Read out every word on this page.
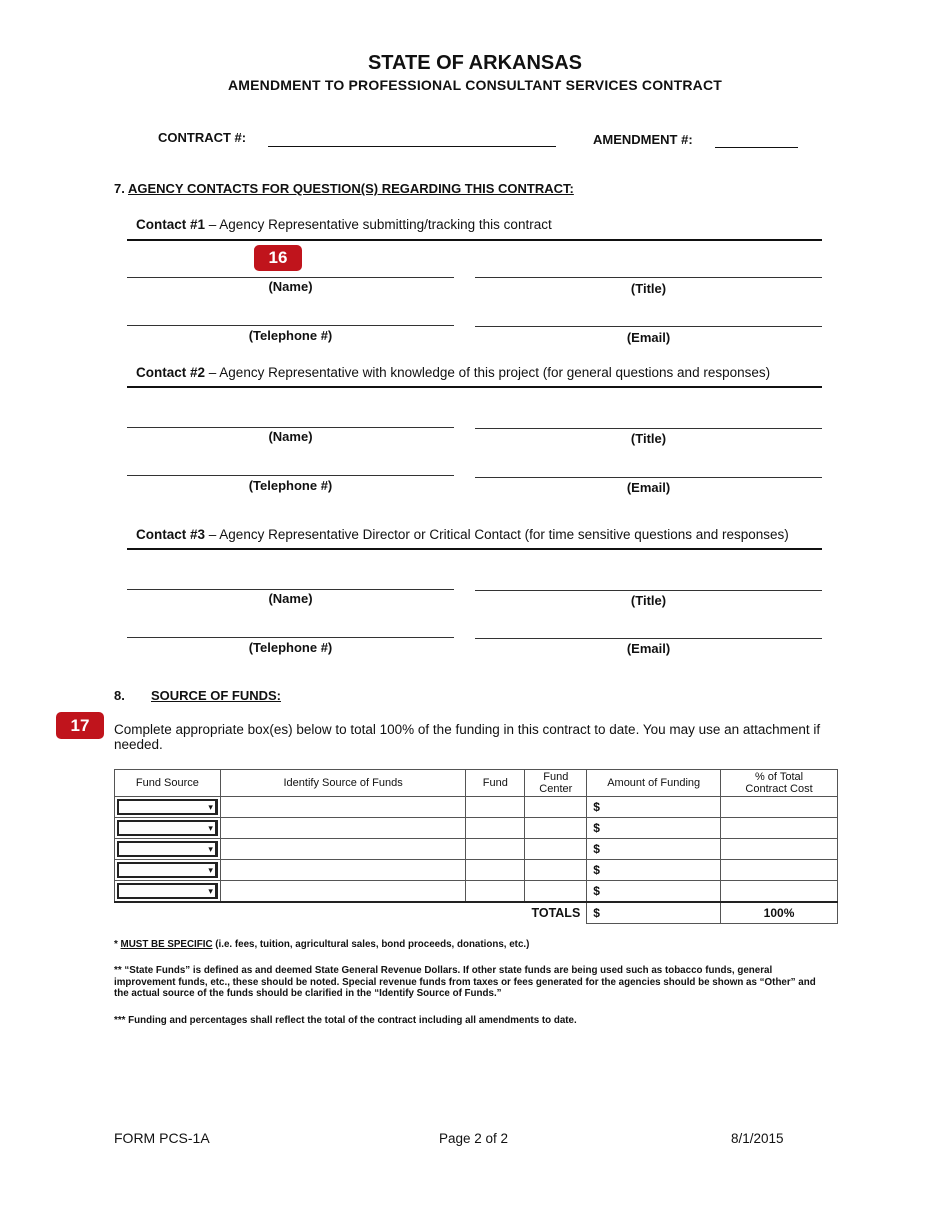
STATE OF ARKANSAS
AMENDMENT TO PROFESSIONAL CONSULTANT SERVICES CONTRACT
CONTRACT #:	AMENDMENT #:
7. AGENCY CONTACTS FOR QUESTION(S) REGARDING THIS CONTRACT:
Contact #1 – Agency Representative submitting/tracking this contract
16
(Name)	(Title)
(Telephone #)	(Email)
Contact #2 – Agency Representative with knowledge of this project (for general questions and responses)
(Name)	(Title)
(Telephone #)	(Email)
Contact #3 – Agency Representative Director or Critical Contact (for time sensitive questions and responses)
(Name)	(Title)
(Telephone #)	(Email)
8. SOURCE OF FUNDS:
17	Complete appropriate box(es) below to total 100% of the funding in this contract to date. You may use an attachment if needed.
Fund Source	Identify Source of Funds	Fund	Fund Center	Amount of Funding	% of Total Contract Cost

▾				$	

▾				$	

▾				$	

▾				$	

▾				$	
			TOTALS	$	100%
* MUST BE SPECIFIC (i.e. fees, tuition, agricultural sales, bond proceeds, donations, etc.)
** “State Funds” is defined as and deemed State General Revenue Dollars. If other state funds are being used such as tobacco funds, general improvement funds, etc., these should be noted. Special revenue funds from taxes or fees generated for the agencies should be shown as “Other” and the actual source of the funds should be clarified in the “Identify Source of Funds.”
*** Funding and percentages shall reflect the total of the contract including all amendments to date.
FORM PCS-1A	Page 2 of 2	8/1/2015
